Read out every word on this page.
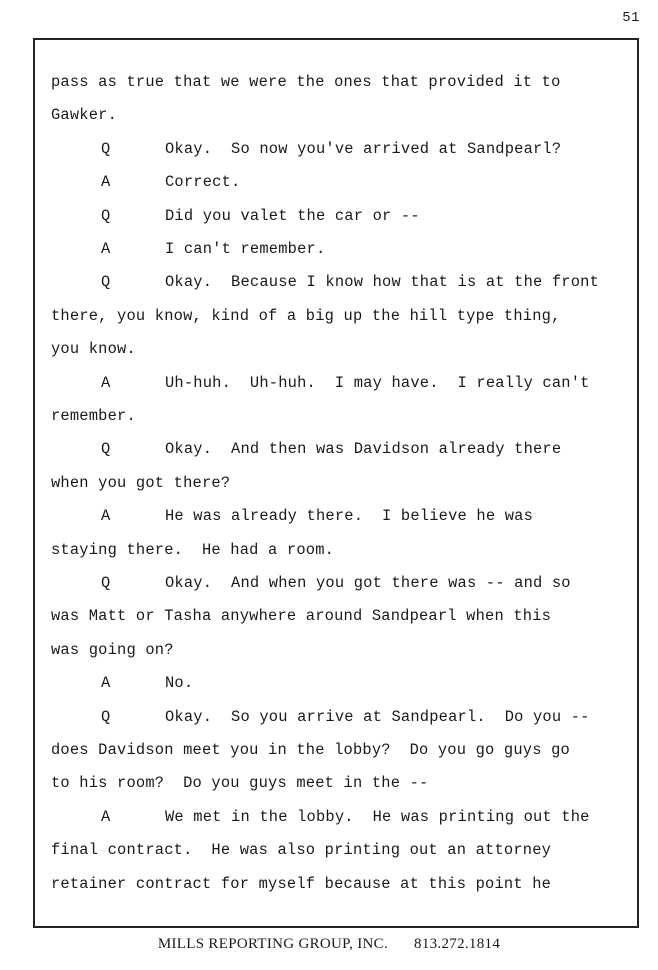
51
pass as true that we were the ones that provided it to
Gawker.
Q	Okay.  So now you've arrived at Sandpearl?
A	Correct.
Q	Did you valet the car or --
A	I can't remember.
Q	Okay.  Because I know how that is at the front
there, you know, kind of a big up the hill type thing,
you know.
A	Uh-huh.  Uh-huh.  I may have.  I really can't
remember.
Q	Okay.  And then was Davidson already there
when you got there?
A	He was already there.  I believe he was
staying there.  He had a room.
Q	Okay.  And when you got there was -- and so
was Matt or Tasha anywhere around Sandpearl when this
was going on?
A	No.
Q	Okay.  So you arrive at Sandpearl.  Do you --
does Davidson meet you in the lobby?  Do you go guys go
to his room?  Do you guys meet in the --
A	We met in the lobby.  He was printing out the
final contract.  He was also printing out an attorney
retainer contract for myself because at this point he
MILLS REPORTING GROUP, INC. 813.272.1814
